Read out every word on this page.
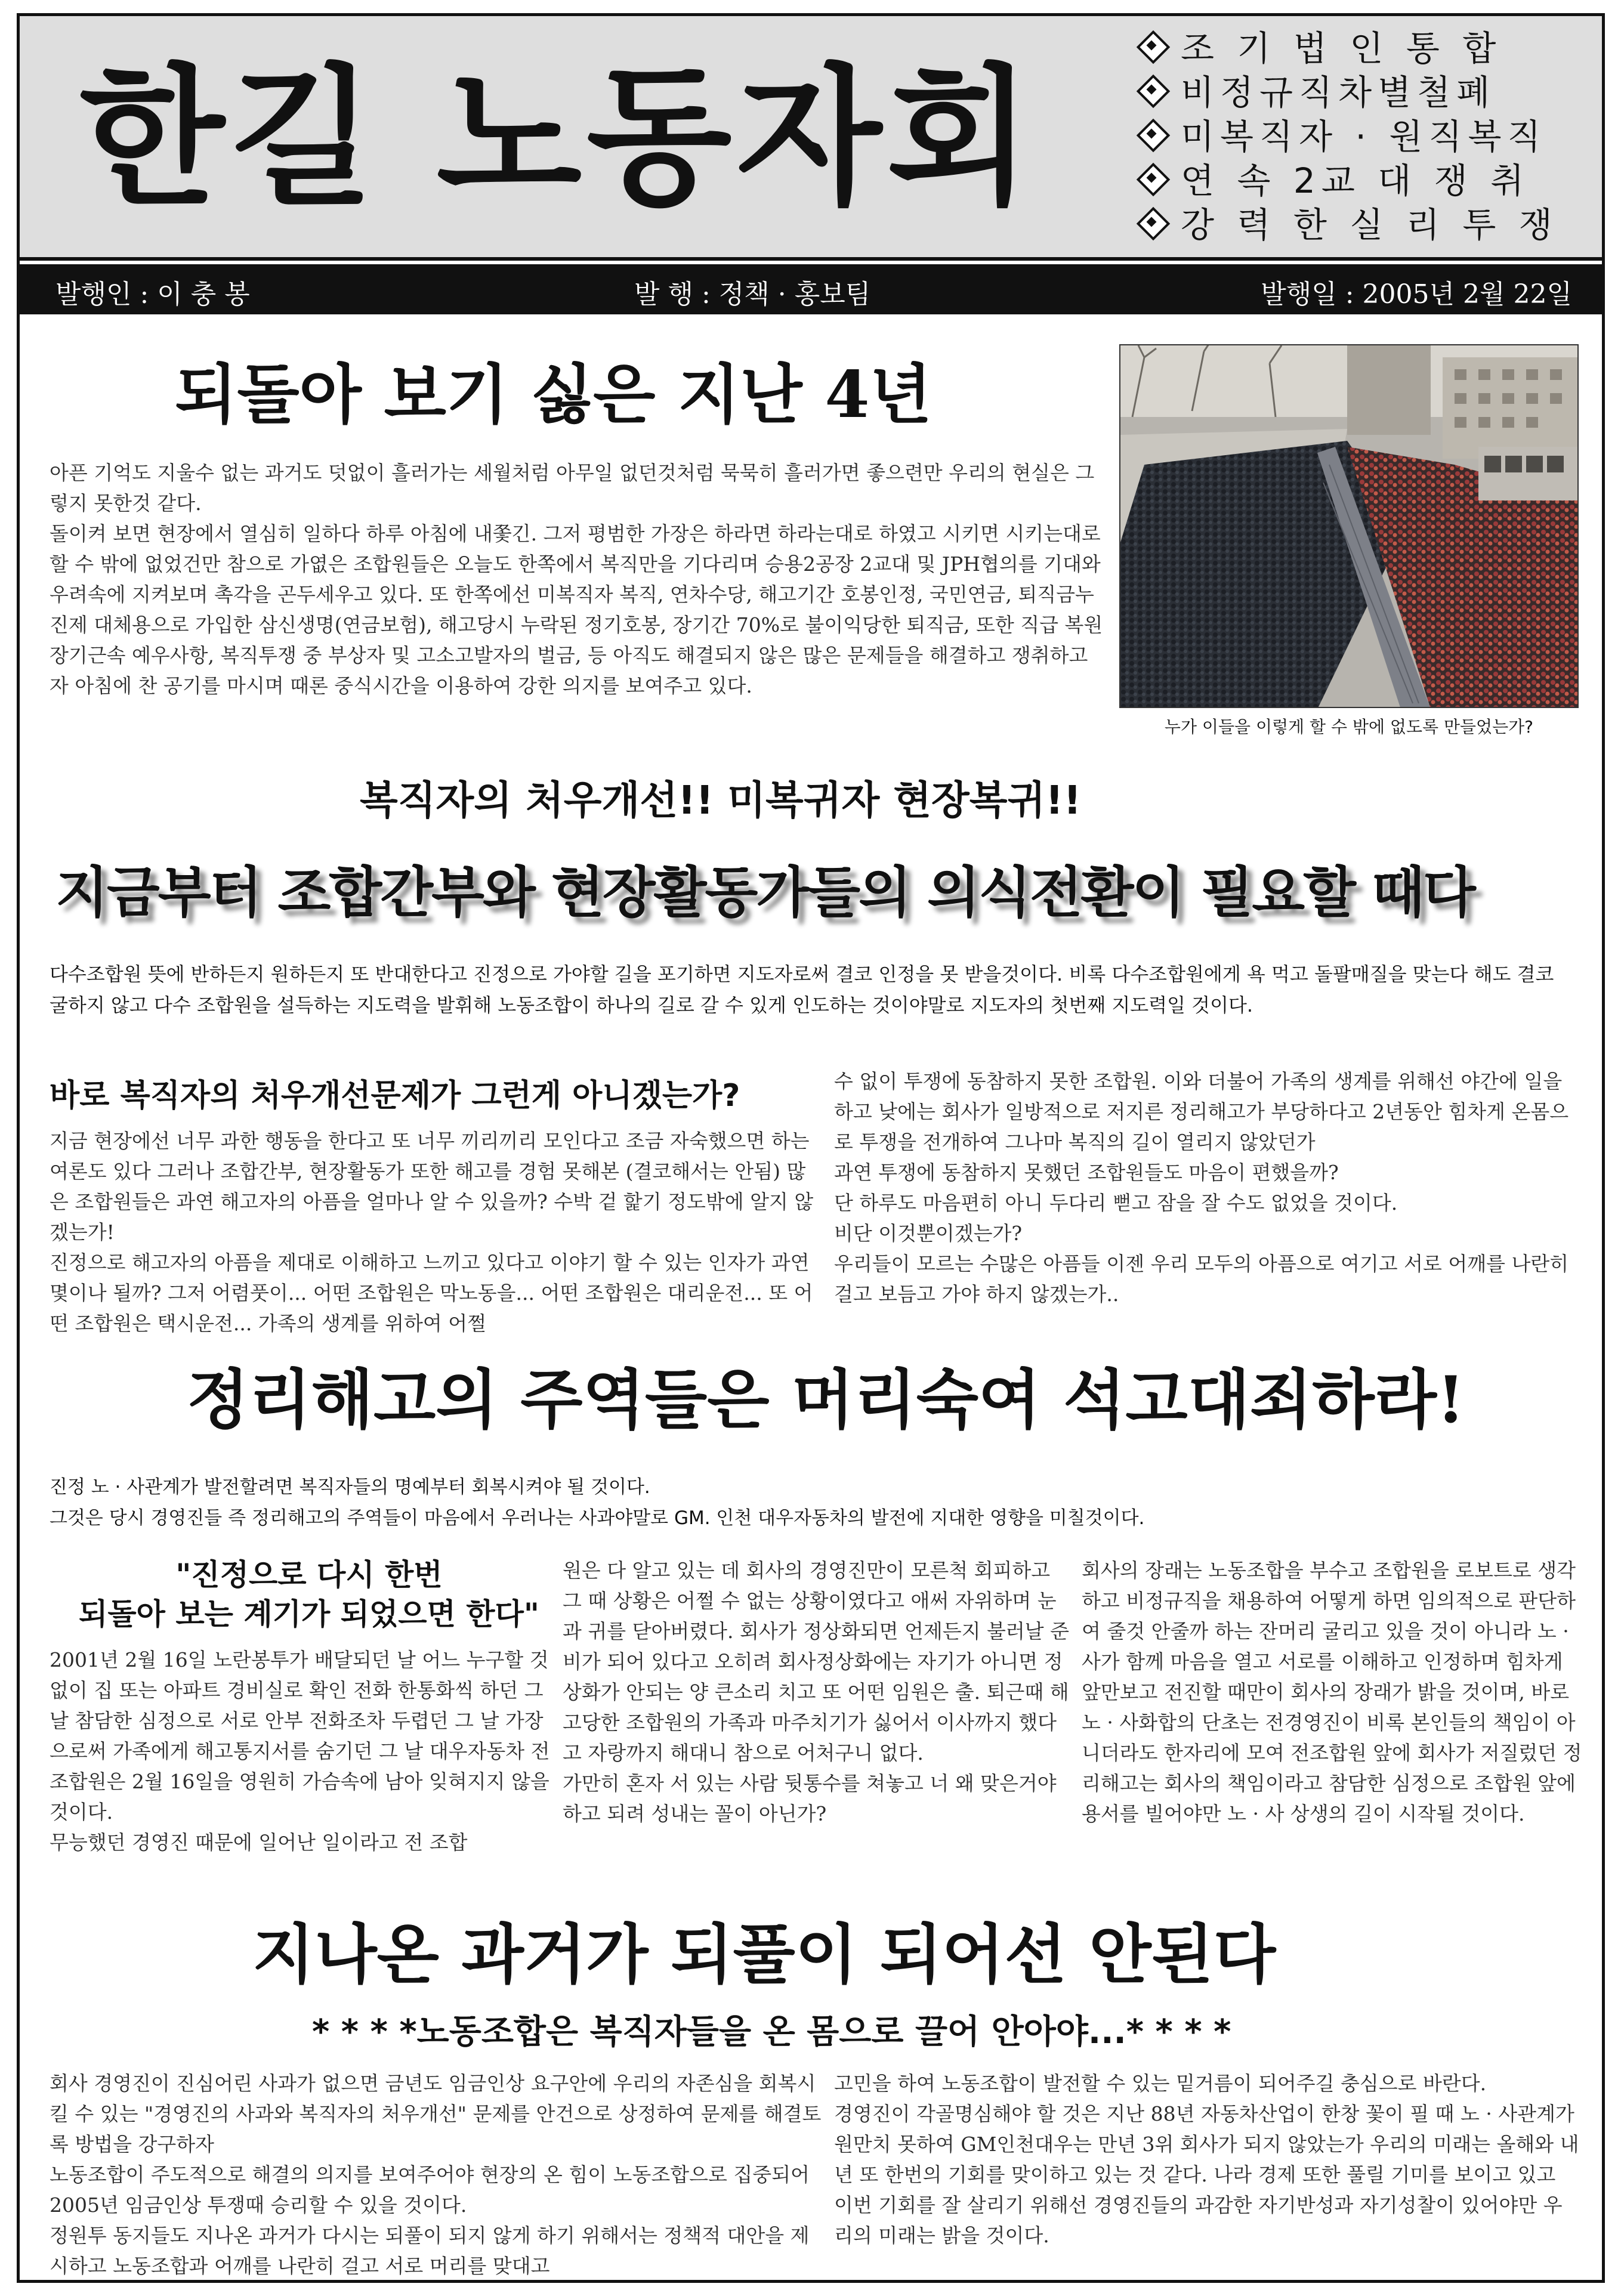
한길 노동자회
조 기 법 인 통 합
비정규직차별철폐
미복직자 · 원직복직
연 속 2교 대 쟁 취
강 력 한 실 리 투 쟁
발행인 : 이 충 봉	발 행 : 정책 · 홍보팀	발행일 : 2005년 2월 22일
되돌아 보기 싫은 지난 4년

아픈 기억도 지울수 없는 과거도 덧없이 흘러가는 세월처럼 아무일 없던것처럼 묵묵히 흘러가면 좋으련만 우리의 현실은 그렇지 못한것 같다.

돌이켜 보면 현장에서 열심히 일하다 하루 아침에 내쫓긴. 그저 평범한 가장은 하라면 하라는대로 하였고 시키면 시키는대로 할 수 밖에 없었건만 참으로 가엾은 조합원들은 오늘도 한쪽에서 복직만을 기다리며 승용2공장 2교대 및 JPH협의를 기대와 우려속에 지켜보며 촉각을 곤두세우고 있다. 또 한쪽에선 미복직자 복직, 연차수당, 해고기간 호봉인정, 국민연금, 퇴직금누진제 대체용으로 가입한 삼신생명(연금보험), 해고당시 누락된 정기호봉, 장기간 70%로 불이익당한 퇴직금, 또한 직급 복원 장기근속 예우사항, 복직투쟁 중 부상자 및 고소고발자의 벌금, 등 아직도 해결되지 않은 많은 문제들을 해결하고 쟁취하고자 아침에 찬 공기를 마시며 때론 중식시간을 이용하여 강한 의지를 보여주고 있다.

누가 이들을 이렇게 할 수 밖에 없도록 만들었는가?
복직자의 처우개선!! 미복귀자 현장복귀!!
지금부터 조합간부와 현장활동가들의 의식전환이 필요할 때다
다수조합원 뜻에 반하든지 원하든지 또 반대한다고 진정으로 가야할 길을 포기하면 지도자로써 결코 인정을 못 받을것이다. 비록 다수조합원에게 욕 먹고 돌팔매질을 맞는다 해도 결코 굴하지 않고 다수 조합원을 설득하는 지도력을 발휘해 노동조합이 하나의 길로 갈 수 있게 인도하는 것이야말로 지도자의 첫번째 지도력일 것이다.
바로 복직자의 처우개선문제가 그런게 아니겠는가?

지금 현장에선 너무 과한 행동을 한다고 또 너무 끼리끼리 모인다고 조금 자숙했으면 하는 여론도 있다 그러나 조합간부, 현장활동가 또한 해고를 경험 못해본 (결코해서는 안됨) 많은 조합원들은 과연 해고자의 아픔을 얼마나 알 수 있을까? 수박 겉 핥기 정도밖에 알지 않겠는가!

진정으로 해고자의 아픔을 제대로 이해하고 느끼고 있다고 이야기 할 수 있는 인자가 과연 몇이나 될까? 그저 어렴풋이... 어떤 조합원은 막노동을... 어떤 조합원은 대리운전... 또 어떤 조합원은 택시운전... 가족의 생계를 위하여 어쩔

수 없이 투쟁에 동참하지 못한 조합원. 이와 더불어 가족의 생계를 위해선 야간에 일을 하고 낮에는 회사가 일방적으로 저지른 정리해고가 부당하다고 2년동안 힘차게 온몸으로 투쟁을 전개하여 그나마 복직의 길이 열리지 않았던가

과연 투쟁에 동참하지 못했던 조합원들도 마음이 편했을까?

단 하루도 마음편히 아니 두다리 뻗고 잠을 잘 수도 없었을 것이다.

비단 이것뿐이겠는가?

우리들이 모르는 수많은 아픔들 이젠 우리 모두의 아픔으로 여기고 서로 어깨를 나란히 걸고 보듬고 가야 하지 않겠는가..

정리해고의 주역들은 머리숙여 석고대죄하라!

진정 노 · 사관계가 발전할려면 복직자들의 명예부터 회복시켜야 될 것이다.

그것은 당시 경영진들 즉 정리해고의 주역들이 마음에서 우러나는 사과야말로 GM. 인천 대우자동차의 발전에 지대한 영향을 미칠것이다.

"진정으로 다시 한번
되돌아 보는 계기가 되었으면 한다"

2001년 2월 16일 노란봉투가 배달되던 날 어느 누구할 것 없이 집 또는 아파트 경비실로 확인 전화 한통화씩 하던 그 날 참담한 심정으로 서로 안부 전화조차 두렵던 그 날 가장으로써 가족에게 해고통지서를 숨기던 그 날 대우자동차 전조합원은 2월 16일을 영원히 가슴속에 남아 잊혀지지 않을 것이다.

무능했던 경영진 때문에 일어난 일이라고 전 조합

원은 다 알고 있는 데 회사의 경영진만이 모른척 회피하고 그 때 상황은 어쩔 수 없는 상황이였다고 애써 자위하며 눈과 귀를 닫아버렸다. 회사가 정상화되면 언제든지 불러날 준비가 되어 있다고 오히려 회사정상화에는 자기가 아니면 정상화가 안되는 양 큰소리 치고 또 어떤 임원은 출. 퇴근때 해고당한 조합원의 가족과 마주치기가 싫어서 이사까지 했다고 자랑까지 해대니 참으로 어처구니 없다.

가만히 혼자 서 있는 사람 뒷통수를 쳐놓고 너 왜 맞은거야 하고 되려 성내는 꼴이 아닌가?

회사의 장래는 노동조합을 부수고 조합원을 로보트로 생각하고 비정규직을 채용하여 어떻게 하면 임의적으로 판단하여 줄것 안줄까 하는 잔머리 굴리고 있을 것이 아니라 노 · 사가 함께 마음을 열고 서로를 이해하고 인정하며 힘차게 앞만보고 전진할 때만이 회사의 장래가 밝을 것이며, 바로 노 · 사화합의 단초는 전경영진이 비록 본인들의 책임이 아니더라도 한자리에 모여 전조합원 앞에 회사가 저질렀던 정리해고는 회사의 책임이라고 참담한 심정으로 조합원 앞에 용서를 빌어야만 노 · 사 상생의 길이 시작될 것이다.

지나온 과거가 되풀이 되어선 안된다
* * * *노동조합은 복직자들을 온 몸으로 끌어 안아야...* * * *

회사 경영진이 진심어린 사과가 없으면 금년도 임금인상 요구안에 우리의 자존심을 회복시킬 수 있는 "경영진의 사과와 복직자의 처우개선" 문제를 안건으로 상정하여 문제를 해결토록 방법을 강구하자

노동조합이 주도적으로 해결의 의지를 보여주어야 현장의 온 힘이 노동조합으로 집중되어 2005년 임금인상 투쟁때 승리할 수 있을 것이다.

정원투 동지들도 지나온 과거가 다시는 되풀이 되지 않게 하기 위해서는 정책적 대안을 제시하고 노동조합과 어깨를 나란히 걸고 서로 머리를 맞대고

고민을 하여 노동조합이 발전할 수 있는 밑거름이 되어주길 충심으로 바란다.

경영진이 각골명심해야 할 것은 지난 88년 자동차산업이 한창 꽃이 필 때 노 · 사관계가 원만치 못하여 GM인천대우는 만년 3위 회사가 되지 않았는가 우리의 미래는 올해와 내년 또 한번의 기회를 맞이하고 있는 것 같다. 나라 경제 또한 풀릴 기미를 보이고 있고 이번 기회를 잘 살리기 위해선 경영진들의 과감한 자기반성과 자기성찰이 있어야만 우리의 미래는 밝을 것이다.
